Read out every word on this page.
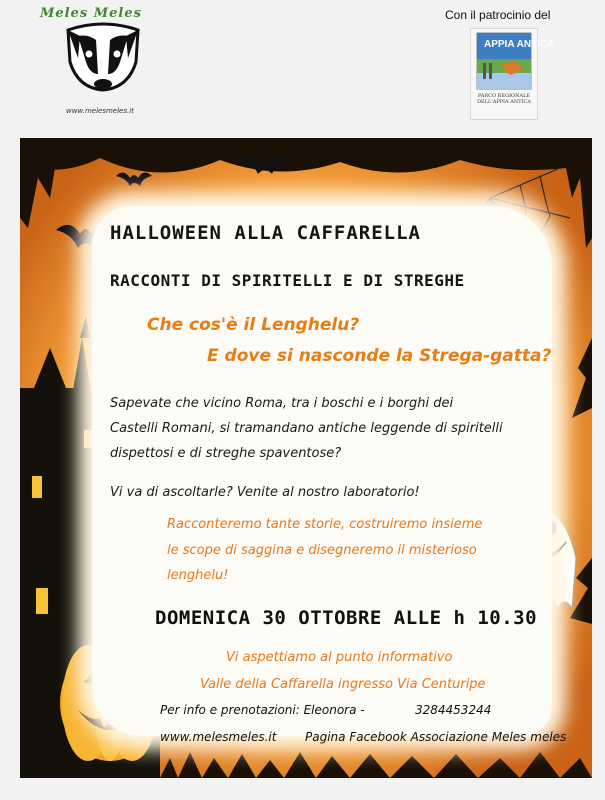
Meles Meles
www.melesmeles.it
Con il patrocinio del
APPIA ANTICA
PARCO REGIONALE
DELL'APPIA ANTICA
HALLOWEEN ALLA CAFFARELLA
RACCONTI DI SPIRITELLI E DI STREGHE
Che cos'è il Lenghelu?
E dove si nasconde la Strega-gatta?
Sapevate che vicino Roma, tra i boschi e i borghi dei
Castelli Romani, si tramandano antiche leggende di spiritelli
dispettosi e di streghe spaventose?
Vi va di ascoltarle? Venite al nostro laboratorio!
Racconteremo tante storie, costruiremo insieme
le scope di saggina e disegneremo il misterioso
lenghelu!
DOMENICA 30 OTTOBRE ALLE h 10.30
Vi aspettiamo al punto informativo
Valle della Caffarella ingresso Via Centuripe
Per info e prenotazioni: Eleonora -	3284453244
www.melesmeles.it Pagina Facebook Associazione Meles meles
